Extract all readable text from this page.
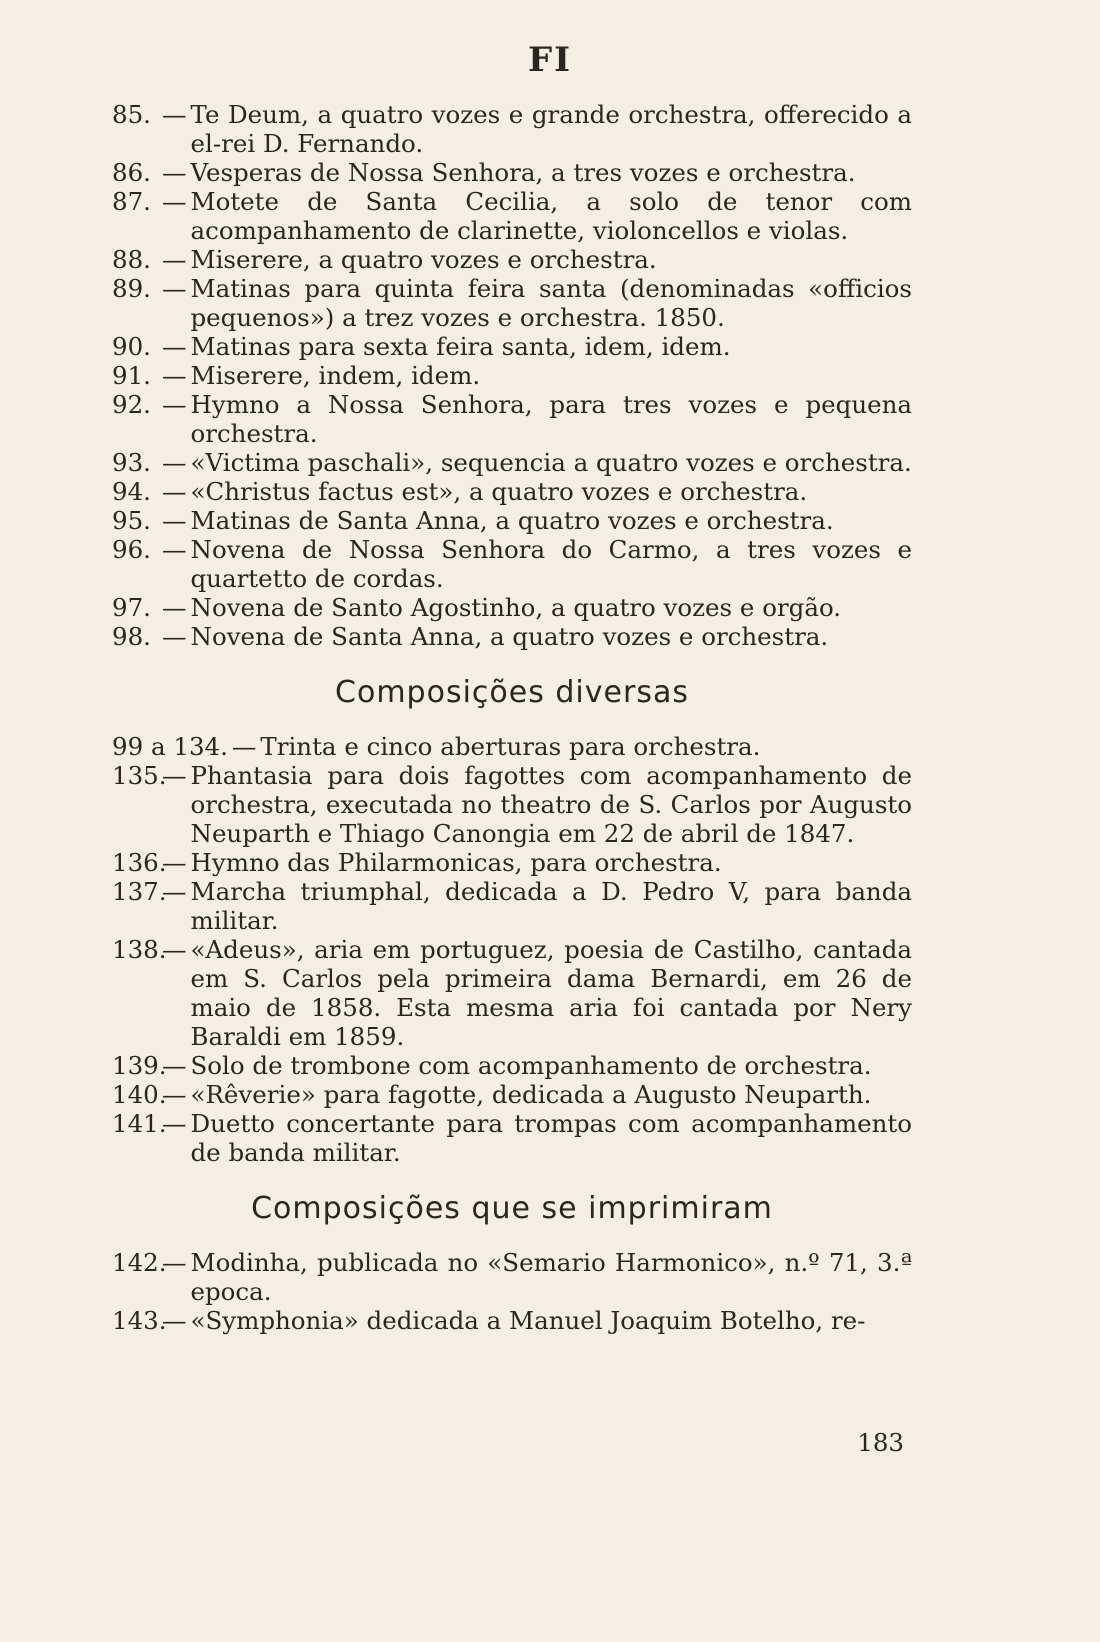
FI
85. — Te Deum, a quatro vozes e grande orchestra, offerecido a el-rei D. Fernando.
86. — Vesperas de Nossa Senhora, a tres vozes e orchestra.
87. — Motete de Santa Cecilia, a solo de tenor com acompanhamento de clarinette, violoncellos e violas.
88. — Miserere, a quatro vozes e orchestra.
89. — Matinas para quinta feira santa (denominadas «officios pequenos») a trez vozes e orchestra. 1850.
90. — Matinas para sexta feira santa, idem, idem.
91. — Miserere, indem, idem.
92. — Hymno a Nossa Senhora, para tres vozes e pequena orchestra.
93. — «Victima paschali», sequencia a quatro vozes e orchestra.
94. — «Christus factus est», a quatro vozes e orchestra.
95. — Matinas de Santa Anna, a quatro vozes e orchestra.
96. — Novena de Nossa Senhora do Carmo, a tres vozes e quartetto de cordas.
97. — Novena de Santo Agostinho, a quatro vozes e orgão.
98. — Novena de Santa Anna, a quatro vozes e orchestra.
Composições diversas
99 a 134. — Trinta e cinco aberturas para orchestra.
135.
— Phantasia para dois fagottes com acompanhamento de orchestra, executada no theatro de S. Carlos por Augusto Neuparth e Thiago Canongia em 22 de abril de 1847.
136.
— Hymno das Philarmonicas, para orchestra.
137.
— Marcha triumphal, dedicada a D. Pedro V, para banda militar.
138.
— «Adeus», aria em portuguez, poesia de Castilho, cantada em S. Carlos pela primeira dama Bernardi, em 26 de maio de 1858. Esta mesma aria foi cantada por Nery Baraldi em 1859.
139.
— Solo de trombone com acompanhamento de orchestra.
140.
— «Rêverie» para fagotte, dedicada a Augusto Neuparth.
141.
— Duetto concertante para trompas com acompanhamento de banda militar.
Composições que se imprimiram
142.
— Modinha, publicada no «Semario Harmonico», n.º 71, 3.ª epoca.
143.
— «Symphonia» dedicada a Manuel Joaquim Botelho, re-
183
